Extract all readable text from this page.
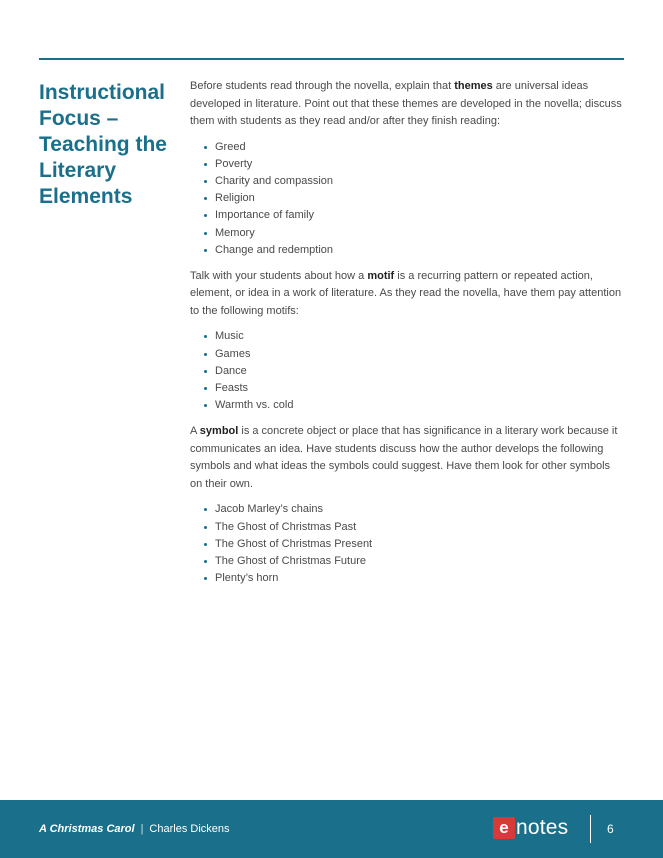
Instructional
Focus –
Teaching the
Literary
Elements

Before students read through the novella, explain that themes are universal ideas developed in literature. Point out that these themes are developed in the novella; discuss them with students as they read and/or after they finish reading:

Greed
Poverty
Charity and compassion
Religion
Importance of family
Memory
Change and redemption

Talk with your students about how a motif is a recurring pattern or repeated action, element, or idea in a work of literature. As they read the novella, have them pay attention to the following motifs:

Music
Games
Dance
Feasts
Warmth vs. cold

A symbol is a concrete object or place that has significance in a literary work because it communicates an idea. Have students discuss how the author develops the following symbols and what ideas the symbols could suggest. Have them look for other symbols on their own.

Jacob Marley’s chains
The Ghost of Christmas Past
The Ghost of Christmas Present
The Ghost of Christmas Future
Plenty’s horn
A Christmas Carol | Charles Dickens	e notes	6
